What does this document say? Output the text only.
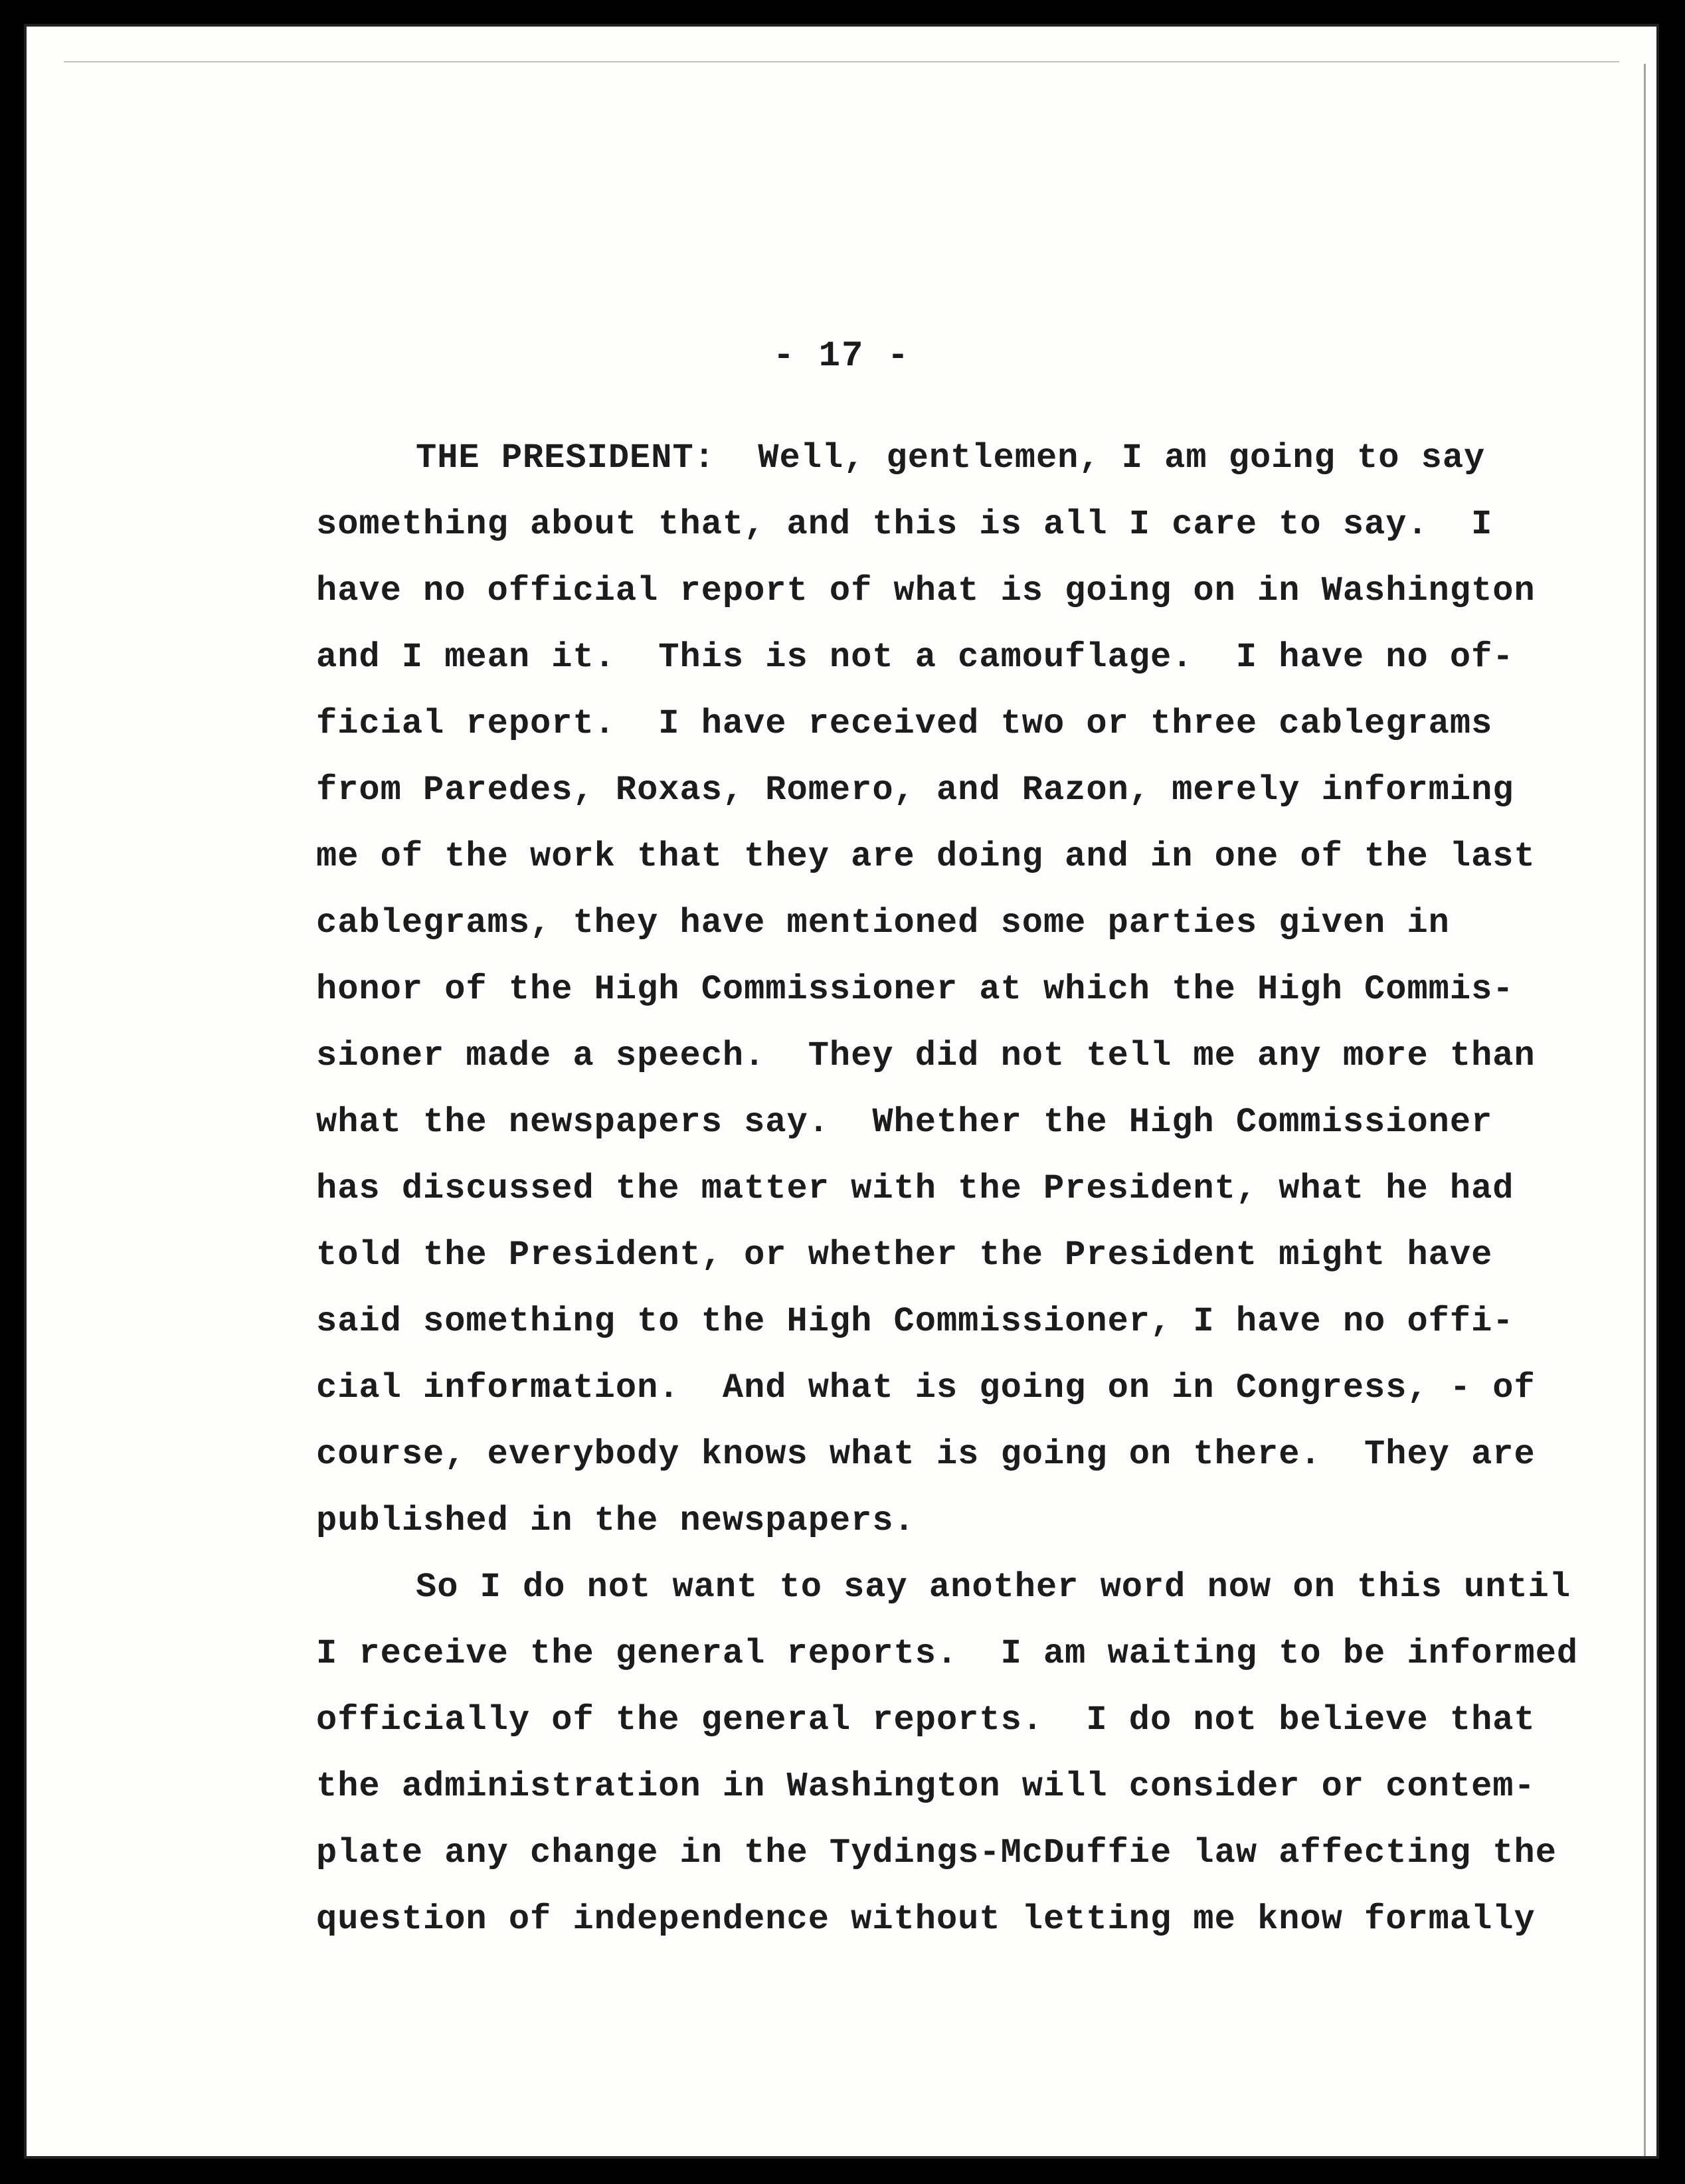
- 17 -
THE PRESIDENT:  Well, gentlemen, I am going to say
something about that, and this is all I care to say.  I
have no official report of what is going on in Washington
and I mean it.  This is not a camouflage.  I have no of-
ficial report.  I have received two or three cablegrams
from Paredes, Roxas, Romero, and Razon, merely informing
me of the work that they are doing and in one of the last
cablegrams, they have mentioned some parties given in
honor of the High Commissioner at which the High Commis-
sioner made a speech.  They did not tell me any more than
what the newspapers say.  Whether the High Commissioner
has discussed the matter with the President, what he had
told the President, or whether the President might have
said something to the High Commissioner, I have no offi-
cial information.  And what is going on in Congress, - of
course, everybody knows what is going on there.  They are
published in the newspapers.
So I do not want to say another word now on this until
I receive the general reports.  I am waiting to be informed
officially of the general reports.  I do not believe that
the administration in Washington will consider or contem-
plate any change in the Tydings-McDuffie law affecting the
question of independence without letting me know formally
